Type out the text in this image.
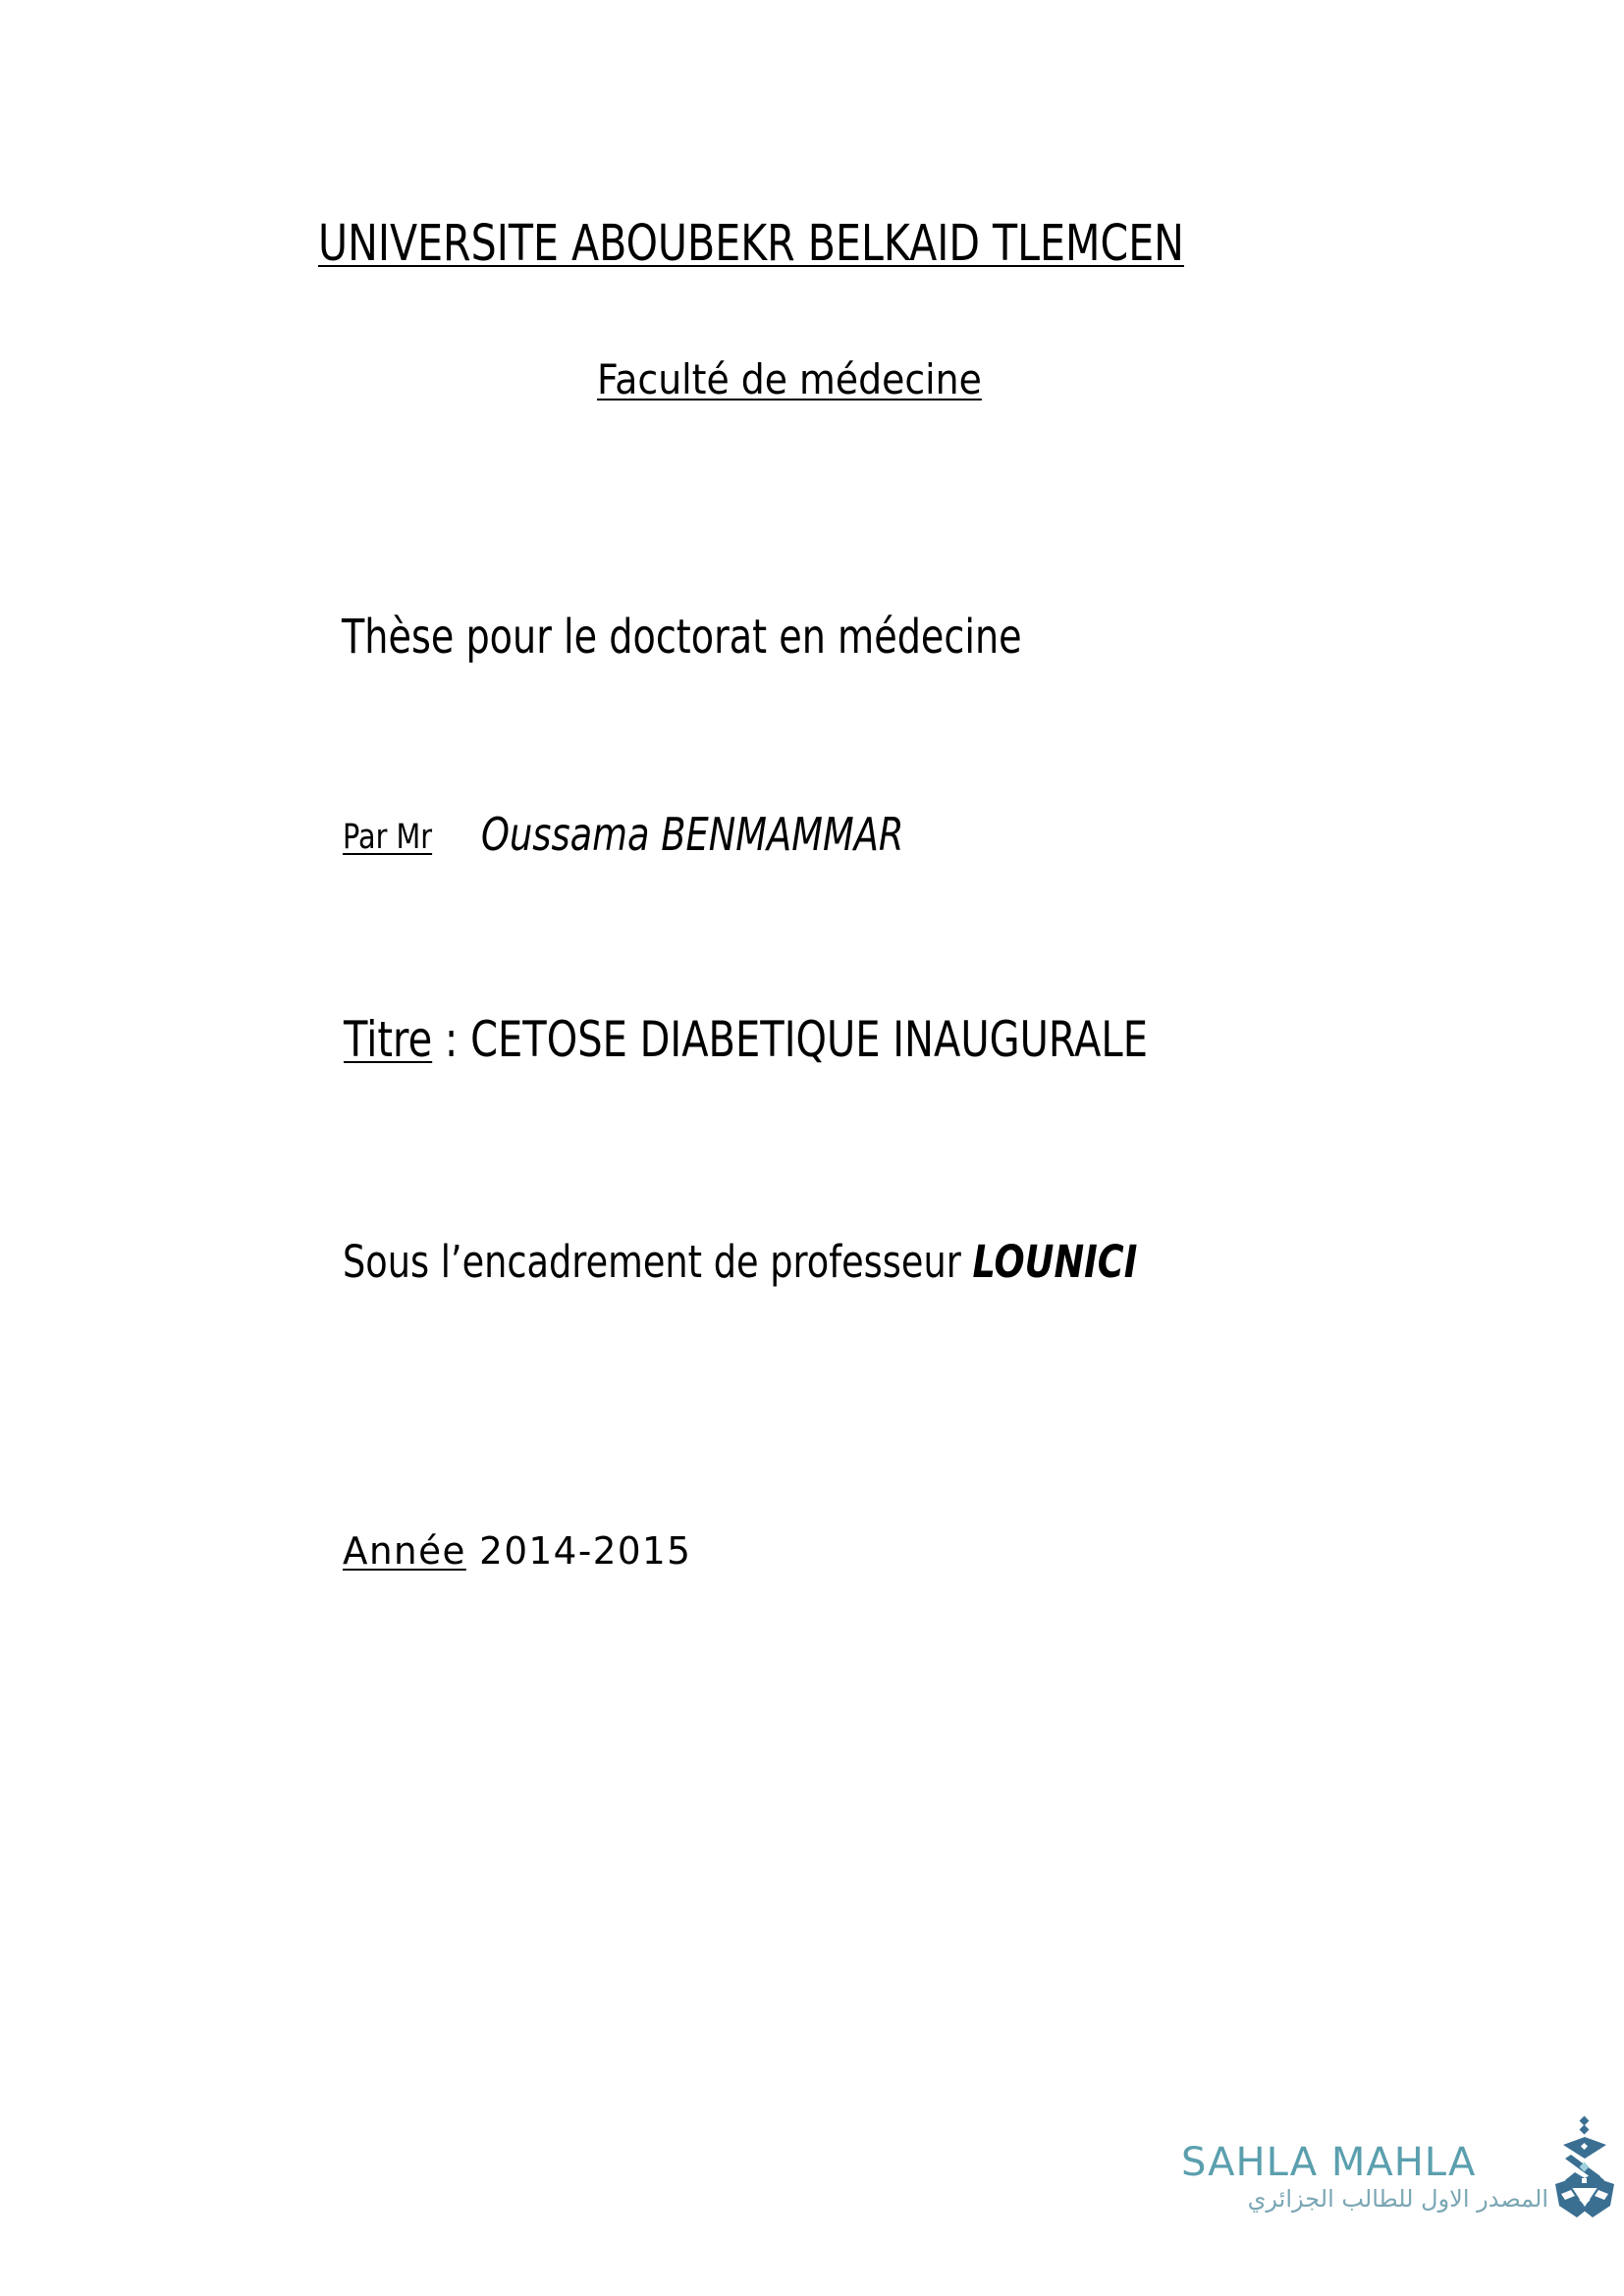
UNIVERSITE ABOUBEKR BELKAID TLEMCEN
Faculté de médecine
Thèse pour le doctorat en médecine
Par Mr Oussama BENMAMMAR
Titre : CETOSE DIABETIQUE INAUGURALE
Sous l’encadrement de professeur LOUNICI
Année 2014-2015
SAHLA MAHLA
المصدر الاول للطالب الجزائري
